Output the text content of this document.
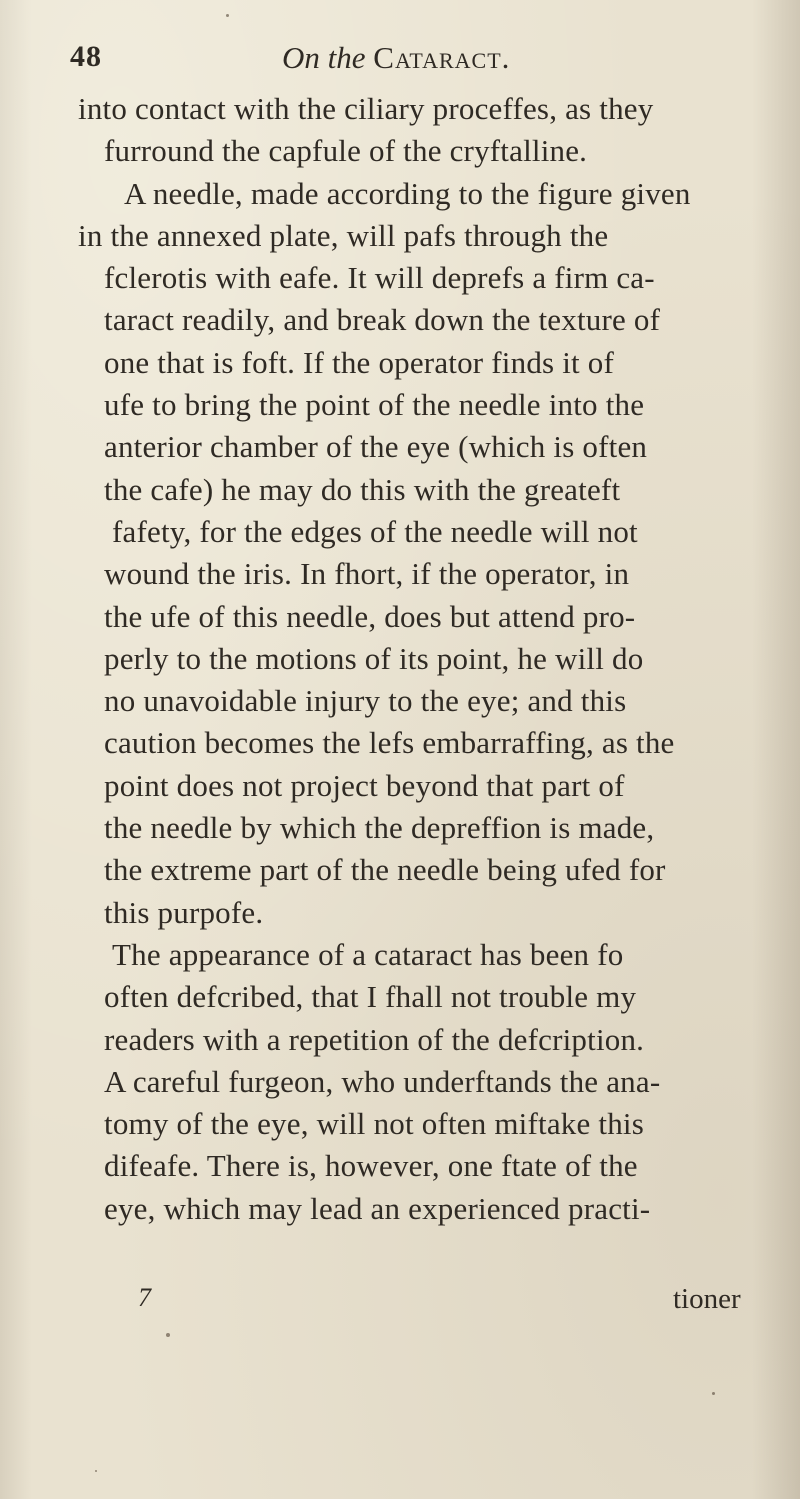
48	On the Cataract.
into contact with the ciliary proceffes, as they
furround the capfule of the cryftalline.
A needle, made according to the figure given
in the annexed plate, will pafs through the
fclerotis with eafe. It will deprefs a firm ca-
taract readily, and break down the texture of
one that is foft. If the operator finds it of
ufe to bring the point of the needle into the
anterior chamber of the eye (which is often
the cafe) he may do this with the greateft
fafety, for the edges of the needle will not
wound the iris. In fhort, if the operator, in
the ufe of this needle, does but attend pro-
perly to the motions of its point, he will do
no unavoidable injury to the eye; and this
caution becomes the lefs embarraffing, as the
point does not project beyond that part of
the needle by which the depreffion is made,
the extreme part of the needle being ufed for
this purpofe.
The appearance of a cataract has been fo
often defcribed, that I fhall not trouble my
readers with a repetition of the defcription.
A careful furgeon, who underftands the ana-
tomy of the eye, will not often miftake this
difeafe. There is, however, one ftate of the
eye, which may lead an experienced practi-
7	tioner
